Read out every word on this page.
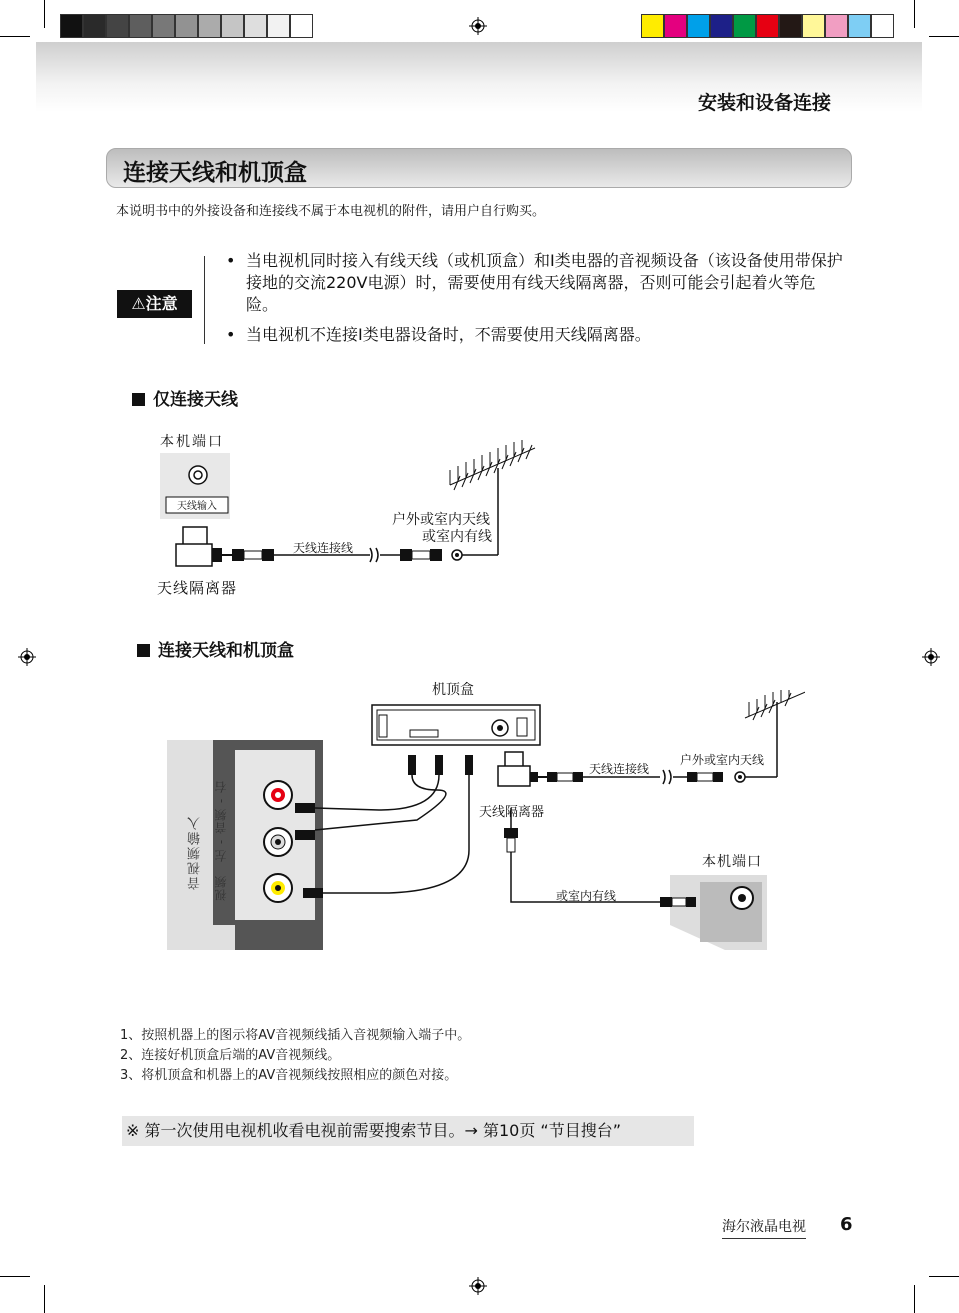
安装和设备连接
连接天线和机顶盒
本说明书中的外接设备和连接线不属于本电视机的附件，请用户自行购买。
⚠注意
• 当电视机同时接入有线天线（或机顶盒）和I类电器的音视频设备（该设备使用带保护接地的交流220V电源）时，需要使用有线天线隔离器，否则可能会引起着火等危险。
• 当电视机不连接I类电器设备时，不需要使用天线隔离器。
仅连接天线
本机端口
天线输入
天线连接线
户外或室内天线
或室内有线
天线隔离器
连接天线和机顶盒
机顶盒
音视频输入 视频　左 - 音频 - 右
天线连接线
户外或室内天线
天线隔离器
本机端口
或室内有线
1、按照机器上的图示将AV音视频线插入音视频输入端子中。
2、连接好机顶盒后端的AV音视频线。
3、将机顶盒和机器上的AV音视频线按照相应的颜色对接。
※ 第一次使用电视机收看电视前需要搜索节目。→ 第10页 “节目搜台”
海尔液晶电视 6
